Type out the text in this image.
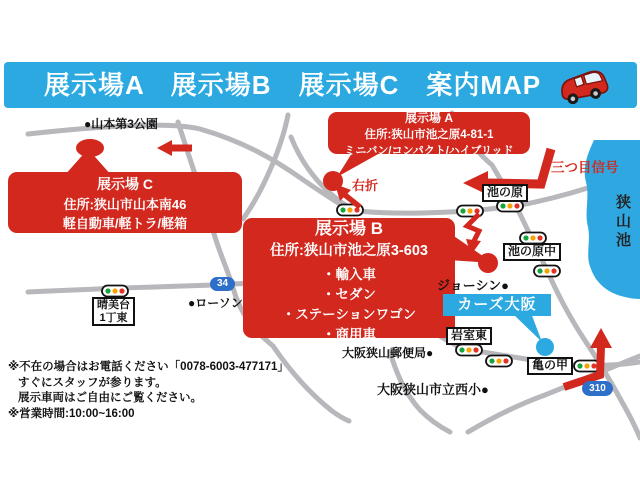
展示場A　展示場B　展示場C　案内MAP
展示場 C
住所:狭山市山本南46
軽自動車/軽トラ/軽箱
展示場 A
住所:狭山市池之原4-81-1
ミニバン/コンパクト/ハイブリッド
展示場 B
住所:狭山市池之原3-603
・輸入車
・セダン
・ステーションワゴン
・商用車
右折
三つ目信号
●山本第3公園
●ローソン
ジョーシン●
大阪狭山郵便局●
大阪狭山市立西小●
池の原
池の原中
晴美台
1丁東
岩室東
亀の甲
34
310
カーズ大阪
狭山池
※不在の場合はお電話ください「0078-6003-477171」
すぐにスタッフが参ります。
展示車両はご自由にご覧ください。
※営業時間:10:00~16:00
